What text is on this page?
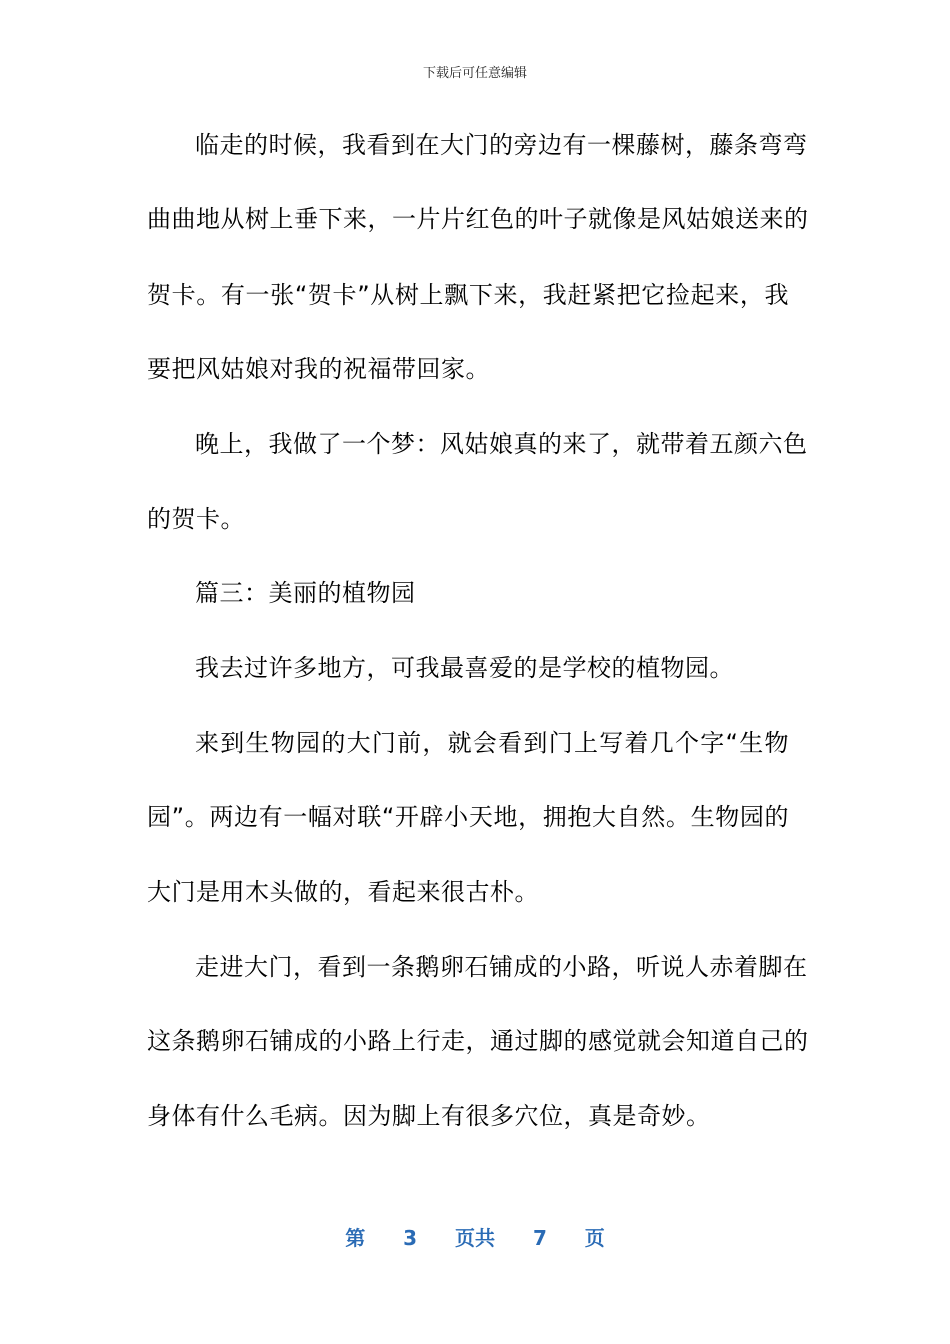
下载后可任意编辑
临走的时候，我看到在大门的旁边有一棵藤树，藤条弯弯
曲曲地从树上垂下来，一片片红色的叶子就像是风姑娘送来的
贺卡。有一张“贺卡”从树上飘下来，我赶紧把它捡起来，我
要把风姑娘对我的祝福带回家。
晚上，我做了一个梦：风姑娘真的来了，就带着五颜六色
的贺卡。
篇三：美丽的植物园
我去过许多地方，可我最喜爱的是学校的植物园。
来到生物园的大门前，就会看到门上写着几个字“生物
园”。两边有一幅对联“开辟小天地，拥抱大自然。生物园的
大门是用木头做的，看起来很古朴。
走进大门，看到一条鹅卵石铺成的小路，听说人赤着脚在
这条鹅卵石铺成的小路上行走，通过脚的感觉就会知道自己的
身体有什么毛病。因为脚上有很多穴位，真是奇妙。
第 3 页共 7 页
